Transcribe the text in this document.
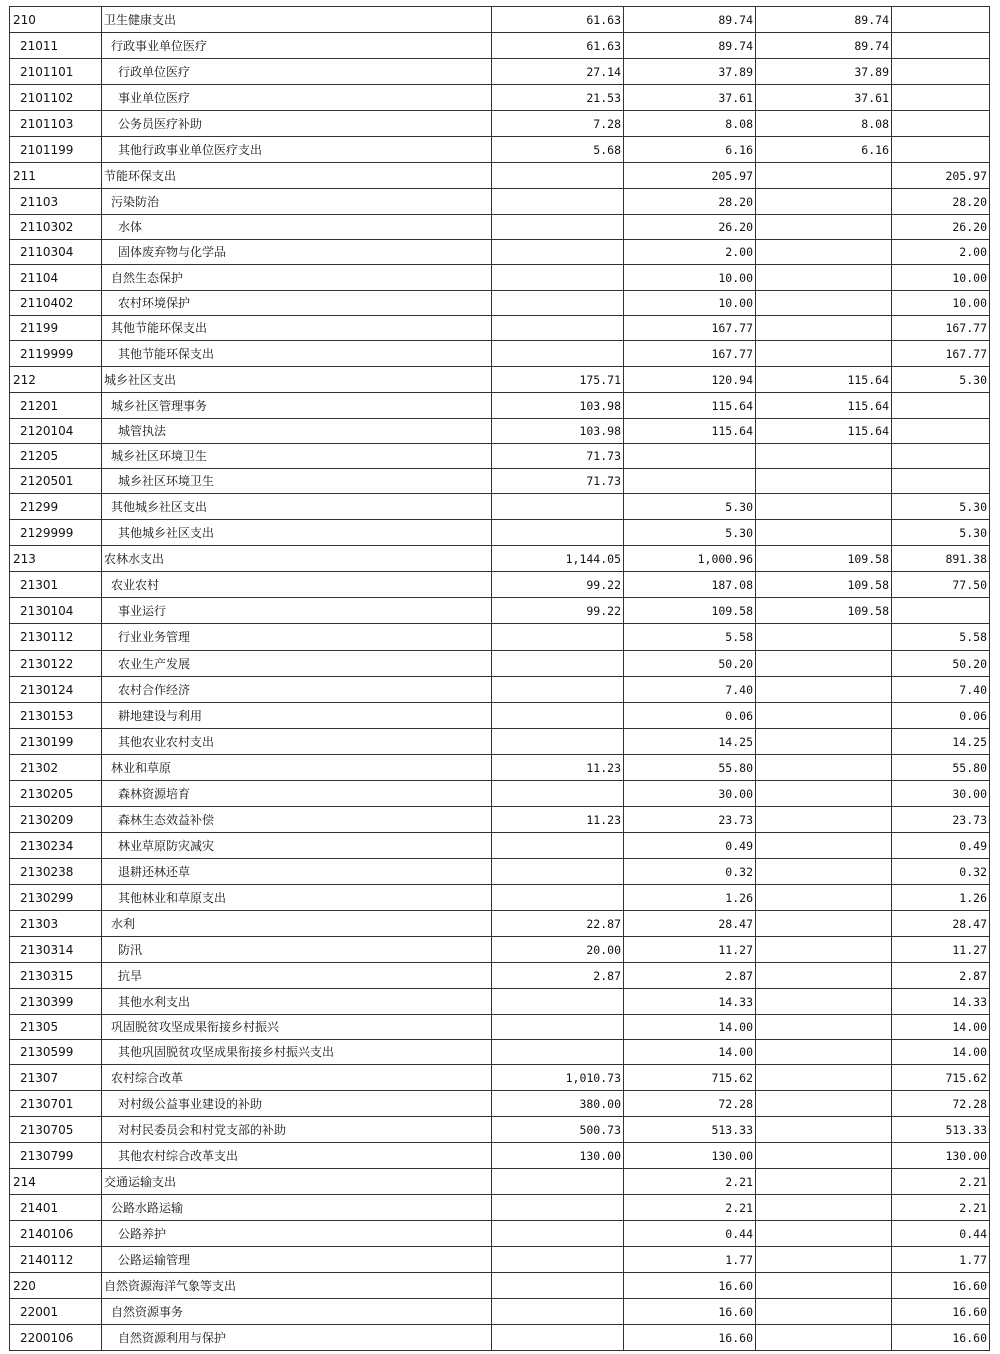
210	卫生健康支出	61.63	89.74	89.74	
21011	行政事业单位医疗	61.63	89.74	89.74	
2101101	行政单位医疗	27.14	37.89	37.89	
2101102	事业单位医疗	21.53	37.61	37.61	
2101103	公务员医疗补助	7.28	8.08	8.08	
2101199	其他行政事业单位医疗支出	5.68	6.16	6.16	
211	节能环保支出		205.97		205.97
21103	污染防治		28.20		28.20
2110302	水体		26.20		26.20
2110304	固体废弃物与化学品		2.00		2.00
21104	自然生态保护		10.00		10.00
2110402	农村环境保护		10.00		10.00
21199	其他节能环保支出		167.77		167.77
2119999	其他节能环保支出		167.77		167.77
212	城乡社区支出	175.71	120.94	115.64	5.30
21201	城乡社区管理事务	103.98	115.64	115.64	
2120104	城管执法	103.98	115.64	115.64	
21205	城乡社区环境卫生	71.73			
2120501	城乡社区环境卫生	71.73			
21299	其他城乡社区支出		5.30		5.30
2129999	其他城乡社区支出		5.30		5.30
213	农林水支出	1,144.05	1,000.96	109.58	891.38
21301	农业农村	99.22	187.08	109.58	77.50
2130104	事业运行	99.22	109.58	109.58	
2130112	行业业务管理		5.58		5.58
2130122	农业生产发展		50.20		50.20
2130124	农村合作经济		7.40		7.40
2130153	耕地建设与利用		0.06		0.06
2130199	其他农业农村支出		14.25		14.25
21302	林业和草原	11.23	55.80		55.80
2130205	森林资源培育		30.00		30.00
2130209	森林生态效益补偿	11.23	23.73		23.73
2130234	林业草原防灾减灾		0.49		0.49
2130238	退耕还林还草		0.32		0.32
2130299	其他林业和草原支出		1.26		1.26
21303	水利	22.87	28.47		28.47
2130314	防汛	20.00	11.27		11.27
2130315	抗旱	2.87	2.87		2.87
2130399	其他水利支出		14.33		14.33
21305	巩固脱贫攻坚成果衔接乡村振兴		14.00		14.00
2130599	其他巩固脱贫攻坚成果衔接乡村振兴支出		14.00		14.00
21307	农村综合改革	1,010.73	715.62		715.62
2130701	对村级公益事业建设的补助	380.00	72.28		72.28
2130705	对村民委员会和村党支部的补助	500.73	513.33		513.33
2130799	其他农村综合改革支出	130.00	130.00		130.00
214	交通运输支出		2.21		2.21
21401	公路水路运输		2.21		2.21
2140106	公路养护		0.44		0.44
2140112	公路运输管理		1.77		1.77
220	自然资源海洋气象等支出		16.60		16.60
22001	自然资源事务		16.60		16.60
2200106	自然资源利用与保护		16.60		16.60
